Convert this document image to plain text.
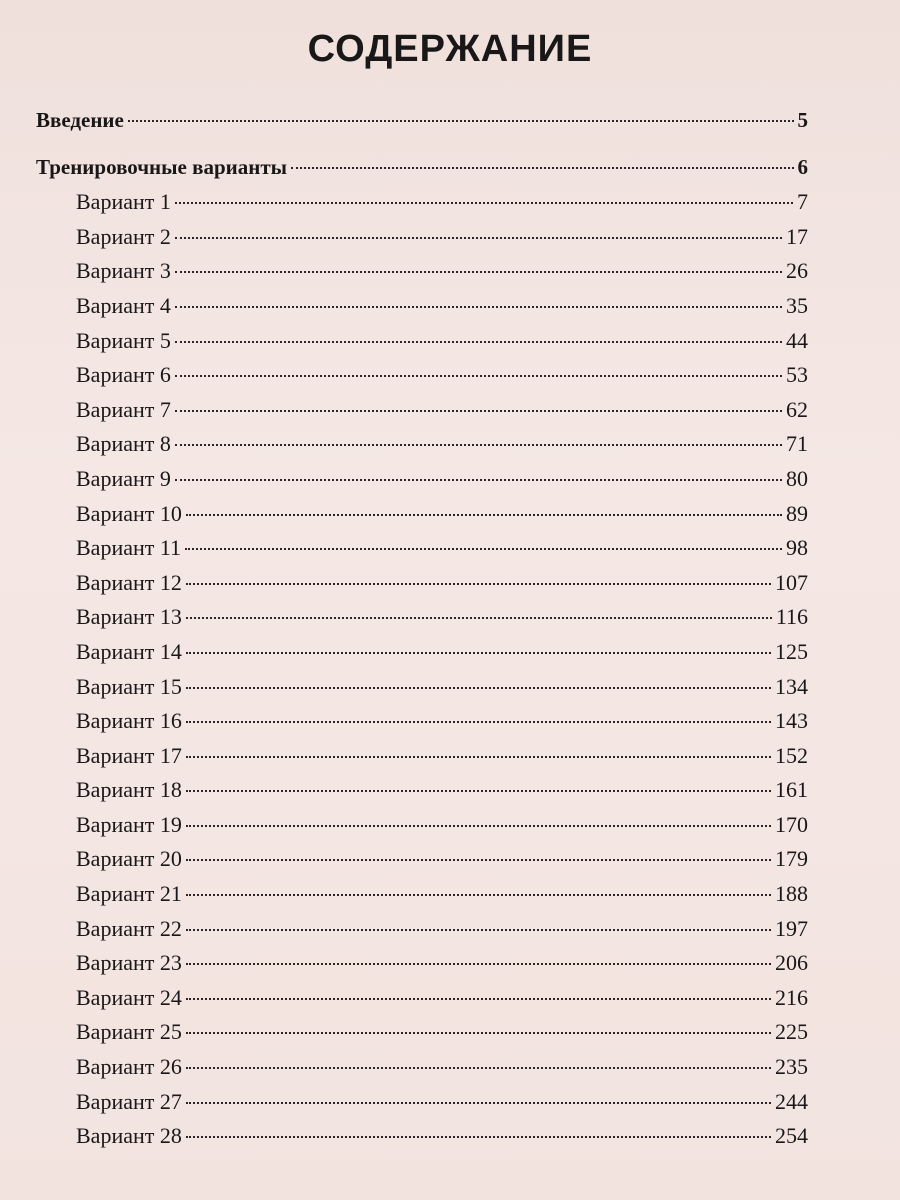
СОДЕРЖАНИЕ
Введение	5
Тренировочные варианты	6
Вариант 1	7
Вариант 2	17
Вариант 3	26
Вариант 4	35
Вариант 5	44
Вариант 6	53
Вариант 7	62
Вариант 8	71
Вариант 9	80
Вариант 10	89
Вариант 11	98
Вариант 12	107
Вариант 13	116
Вариант 14	125
Вариант 15	134
Вариант 16	143
Вариант 17	152
Вариант 18	161
Вариант 19	170
Вариант 20	179
Вариант 21	188
Вариант 22	197
Вариант 23	206
Вариант 24	216
Вариант 25	225
Вариант 26	235
Вариант 27	244
Вариант 28	254
